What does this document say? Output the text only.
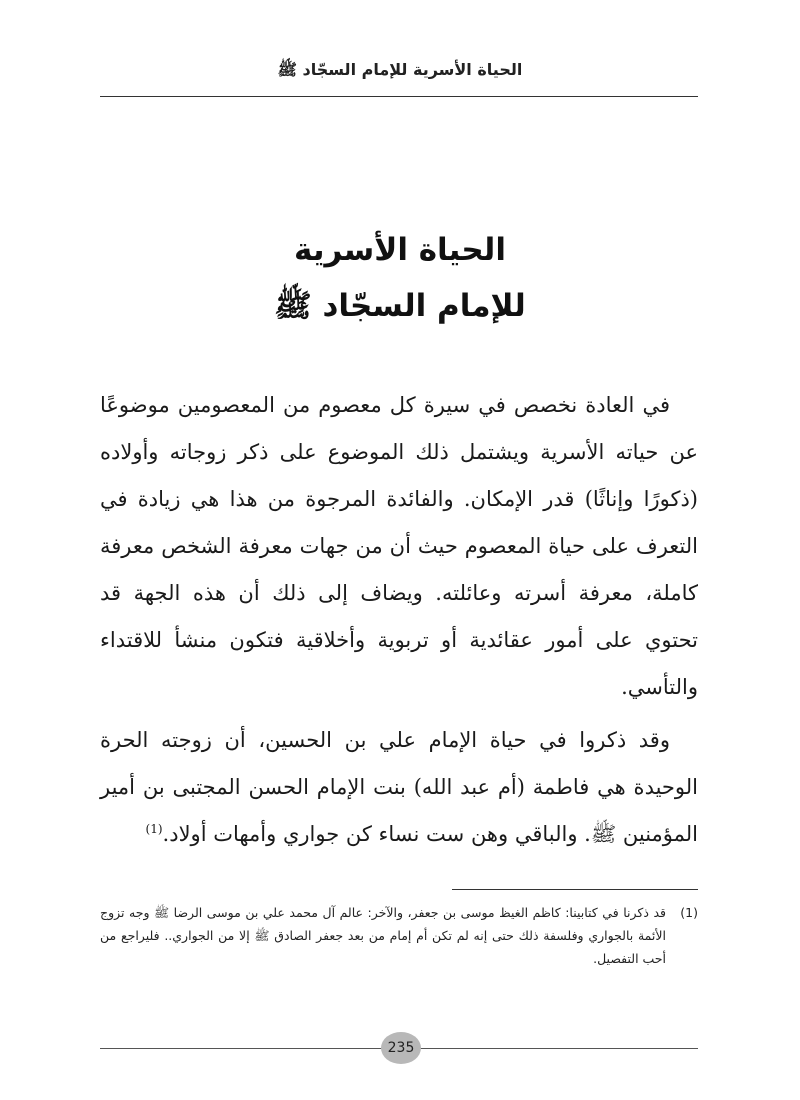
الحياة الأسرية للإمام السجّاد ﷺ
الحياة الأسرية
للإمام السجّاد ﷺ

في العادة نخصص في سيرة كل معصوم من المعصومين موضوعًا عن حياته الأسرية ويشتمل ذلك الموضوع على ذكر زوجاته وأولاده (ذكورًا وإناثًا) قدر الإمكان. والفائدة المرجوة من هذا هي زيادة في التعرف على حياة المعصوم حيث أن من جهات معرفة الشخص معرفة كاملة، معرفة أسرته وعائلته. ويضاف إلى ذلك أن هذه الجهة قد تحتوي على أمور عقائدية أو تربوية وأخلاقية فتكون منشأ للاقتداء والتأسي.

وقد ذكروا في حياة الإمام علي بن الحسين، أن زوجته الحرة الوحيدة هي فاطمة (أم عبد الله) بنت الإمام الحسن المجتبى بن أمير المؤمنين ﷺ. والباقي وهن ست نساء كن جواري وأمهات أولاد.$^{(1)}$

(1)
قد ذكرنا في كتابينا: كاظم الغيظ موسى بن جعفر، والآخر: عالم آل محمد علي بن موسى الرضا ﷺ وجه تزوج الأئمة بالجواري وفلسفة ذلك حتى إنه لم تكن أم إمام من بعد جعفر الصادق ﷺ إلا من الجواري.. فليراجع من أحب التفصيل.
235
